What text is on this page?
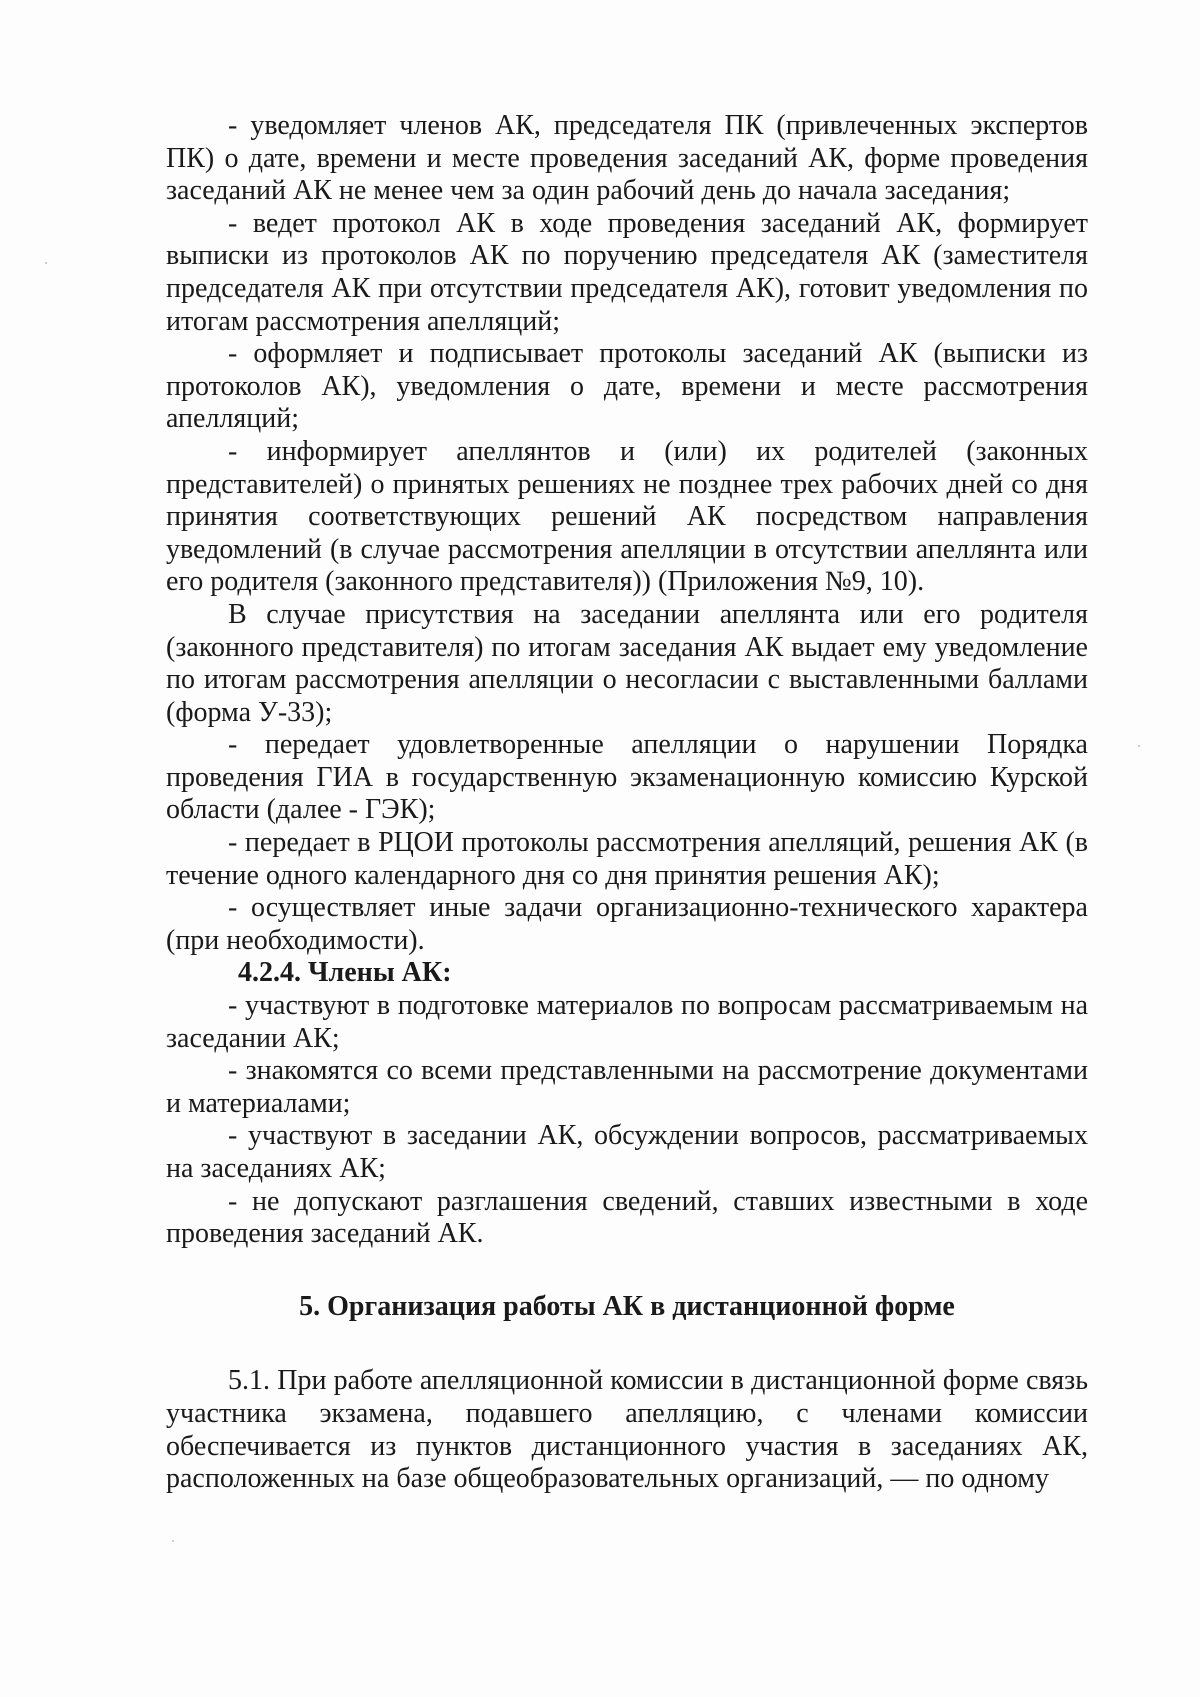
- уведомляет членов АК, председателя ПК (привлеченных экспертов ПК) о дате, времени и месте проведения заседаний АК, форме проведения заседаний АК не менее чем за один рабочий день до начала заседания;

- ведет протокол АК в ходе проведения заседаний АК, формирует выписки из протоколов АК по поручению председателя АК (заместителя председателя АК при отсутствии председателя АК), готовит уведомления по итогам рассмотрения апелляций;

- оформляет и подписывает протоколы заседаний АК (выписки из протоколов АК), уведомления о дате, времени и месте рассмотрения апелляций;

- информирует апеллянтов и (или) их родителей (законных представителей) о принятых решениях не позднее трех рабочих дней со дня принятия соответствующих решений АК посредством направления уведомлений (в случае рассмотрения апелляции в отсутствии апеллянта или его родителя (законного представителя)) (Приложения №9, 10).

В случае присутствия на заседании апеллянта или его родителя (законного представителя) по итогам заседания АК выдает ему уведомление по итогам рассмотрения апелляции о несогласии с выставленными баллами (форма У-33);

- передает удовлетворенные апелляции о нарушении Порядка проведения ГИА в государственную экзаменационную комиссию Курской области (далее - ГЭК);

- передает в РЦОИ протоколы рассмотрения апелляций, решения АК (в течение одного календарного дня со дня принятия решения АК);

- осуществляет иные задачи организационно-технического характера (при необходимости).

4.2.4. Члены АК:

- участвуют в подготовке материалов по вопросам рассматриваемым на заседании АК;

- знакомятся со всеми представленными на рассмотрение документами и материалами;

- участвуют в заседании АК, обсуждении вопросов, рассматриваемых на заседаниях АК;

- не допускают разглашения сведений, ставших известными в ходе проведения заседаний АК.

5. Организация работы АК в дистанционной форме

5.1. При работе апелляционной комиссии в дистанционной форме связь участника экзамена, подавшего апелляцию, с членами комиссии обеспечивается из пунктов дистанционного участия в заседаниях АК, расположенных на базе общеобразовательных организаций, — по одному
